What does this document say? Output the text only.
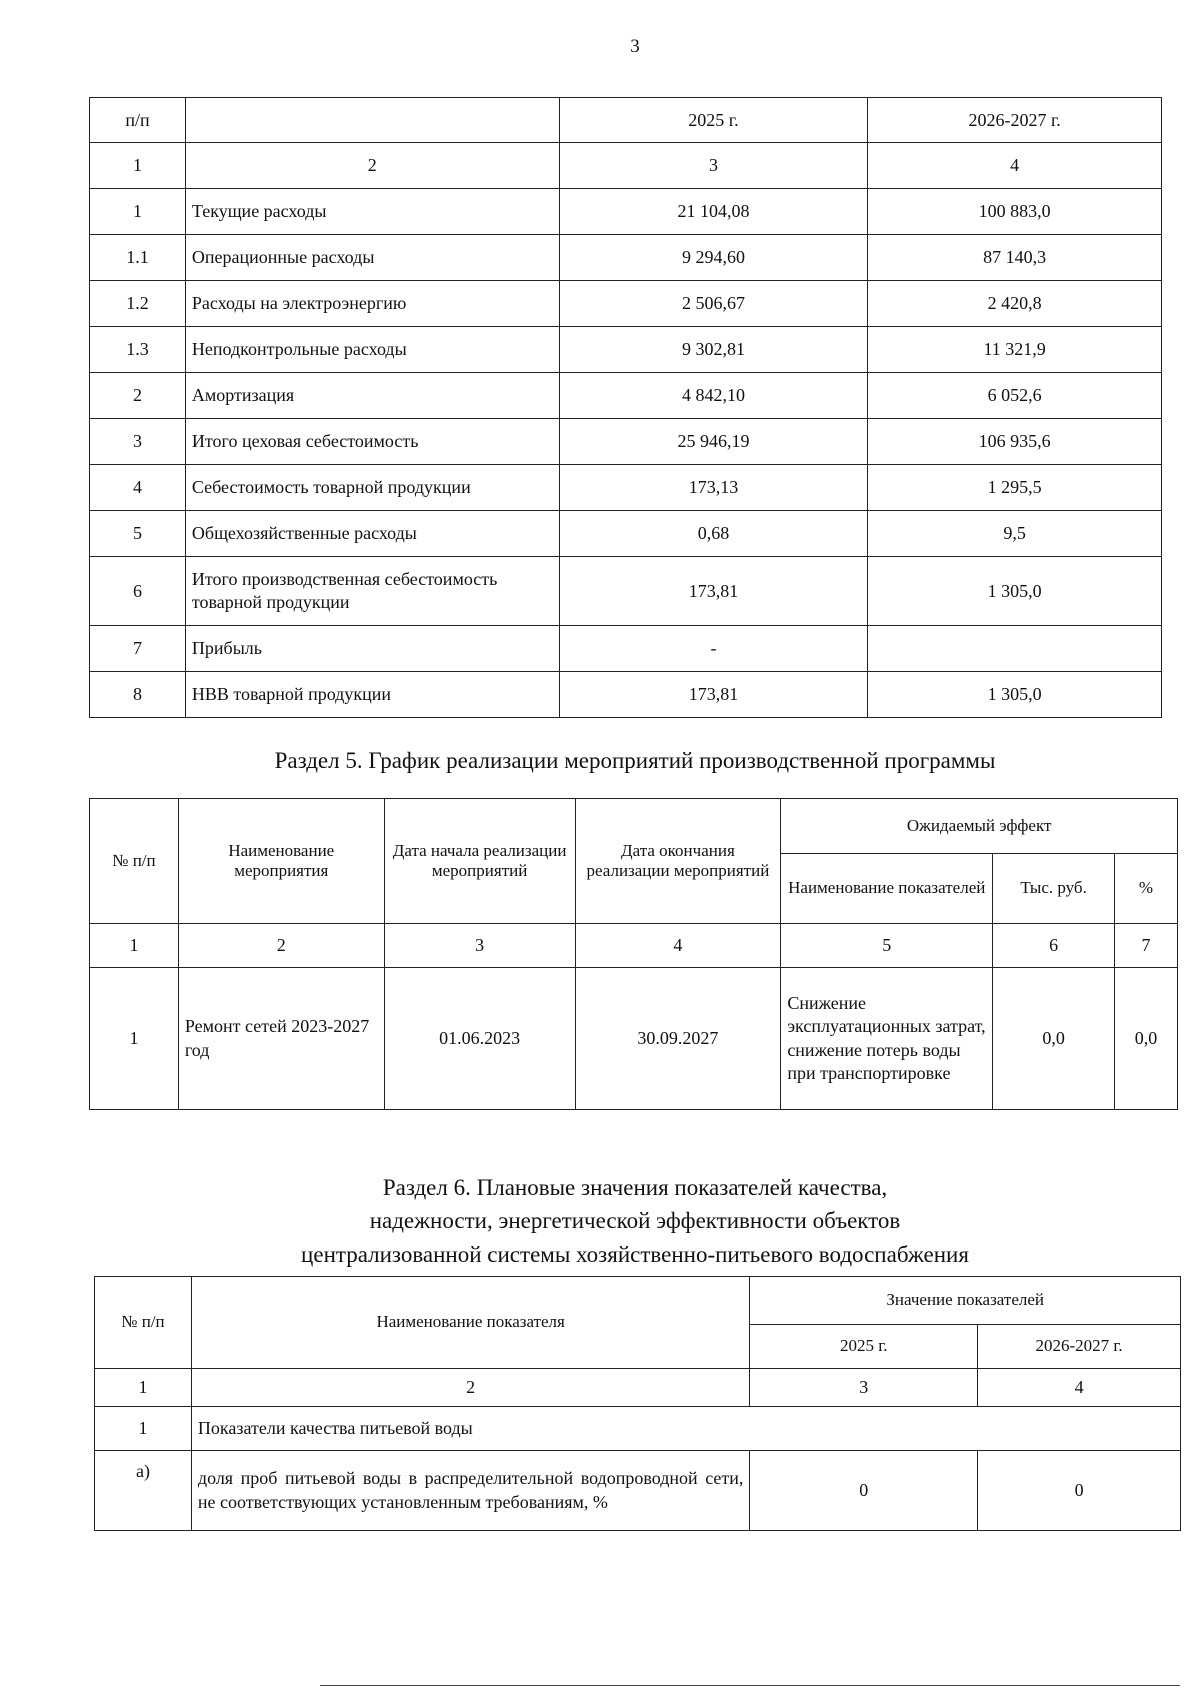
3
п/п		2025 г.	2026-2027 г.
1	2	3	4
1	Текущие расходы	21 104,08	100 883,0
1.1	Операционные расходы	9 294,60	87 140,3
1.2	Расходы на электроэнергию	2 506,67	2 420,8
1.3	Неподконтрольные расходы	9 302,81	11 321,9
2	Амортизация	4 842,10	6 052,6
3	Итого цеховая себестоимость	25 946,19	106 935,6
4	Себестоимость товарной продукции	173,13	1 295,5
5	Общехозяйственные расходы	0,68	9,5
6	Итого производственная себестоимость товарной продукции	173,81	1 305,0
7	Прибыль	-	
8	НВВ товарной продукции	173,81	1 305,0
Раздел 5. График реализации мероприятий производственной программы
№ п/п	Наименование мероприятия	Дата начала реализации мероприятий	Дата окончания реализации мероприятий	Ожидаемый эффект		
				Наименование показателей	Тыс. руб.	%
1	2	3	4	5	6	7
1	Ремонт сетей 2023-2027 год	01.06.2023	30.09.2027	Снижение эксплуатационных затрат, снижение потерь воды при транспортировке	0,0	0,0
Раздел 6. Плановые значения показателей качества,
надежности, энергетической эффективности объектов
централизованной системы хозяйственно-питьевого водоспабжения
№ п/п	Наименование показателя	Значение показателей	
		2025 г.	2026-2027 г.
1	2	3	4
1	Показатели качества питьевой воды		
а)	доля проб питьевой воды в распределительной водопроводной сети, не соответствующих установленным требованиям, %	0	0
